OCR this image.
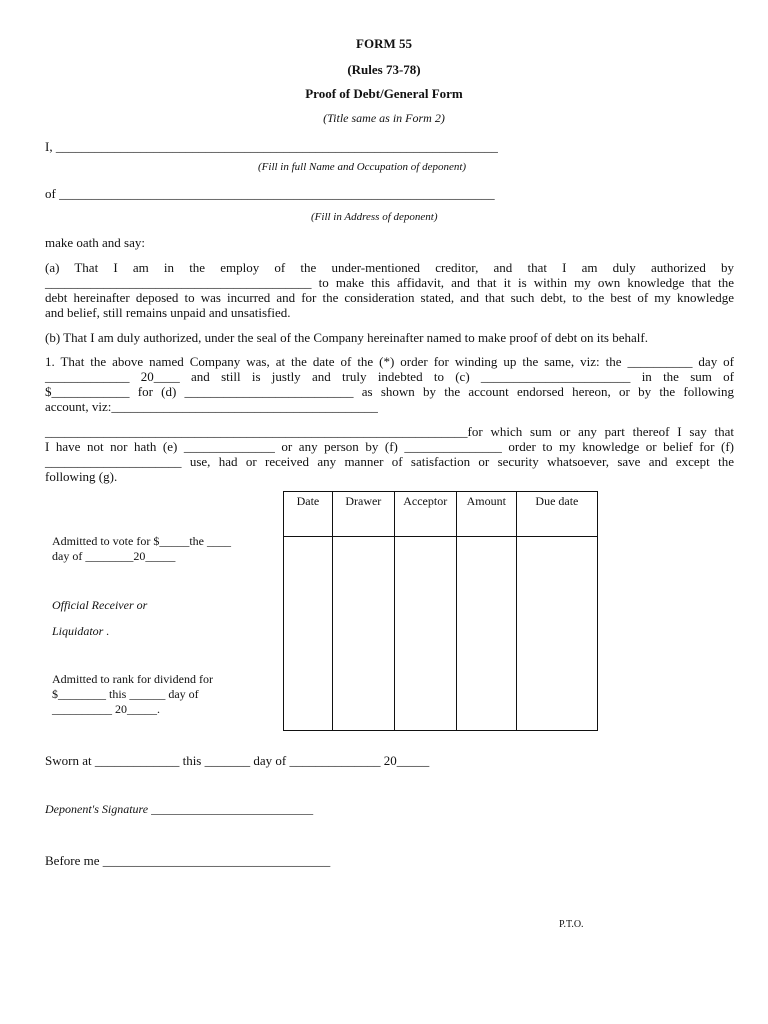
FORM 55
(Rules 73-78)
Proof of Debt/General Form
(Title same as in Form 2)
I, ____________________________________________________________________
(Fill in full Name and Occupation of deponent)
of ___________________________________________________________________
(Fill in Address of deponent)
make oath and say:
(a) That I am in the employ of the under-mentioned creditor, and that I am duly authorized by
_________________________________________ to make this affidavit, and that it is within my own knowledge that the
debt hereinafter deposed to was incurred and for the consideration stated, and that such debt, to the best of my knowledge
and belief, still remains unpaid and unsatisfied.
(b) That I am duly authorized, under the seal of the Company hereinafter named to make proof of debt on its behalf.
1. That the above named Company was, at the date of the (*) order for winding up the same, viz: the __________ day of
_____________ 20____ and still is justly and truly indebted to (c) _______________________ in the sum of
$____________ for (d) __________________________ as shown by the account endorsed hereon, or by the following
account, viz:_________________________________________
_________________________________________________________________for which sum or any part thereof I say that
I have not nor hath (e) ______________ or any person by (f) _______________ order to my knowledge or belief for (f)
_____________________ use, had or received any manner of satisfaction or security whatsoever, save and except the
following (g).
Date	Drawer	Acceptor	Amount	Due date

Admitted to vote for $_____the ____
day of ________20_____
Official Receiver or
Liquidator .
Admitted to rank for dividend for
$________ this ______ day of
__________ 20_____.
Sworn at _____________ this _______ day of ______________ 20_____
Deponent's Signature ___________________________
Before me ___________________________________
P.T.O.
